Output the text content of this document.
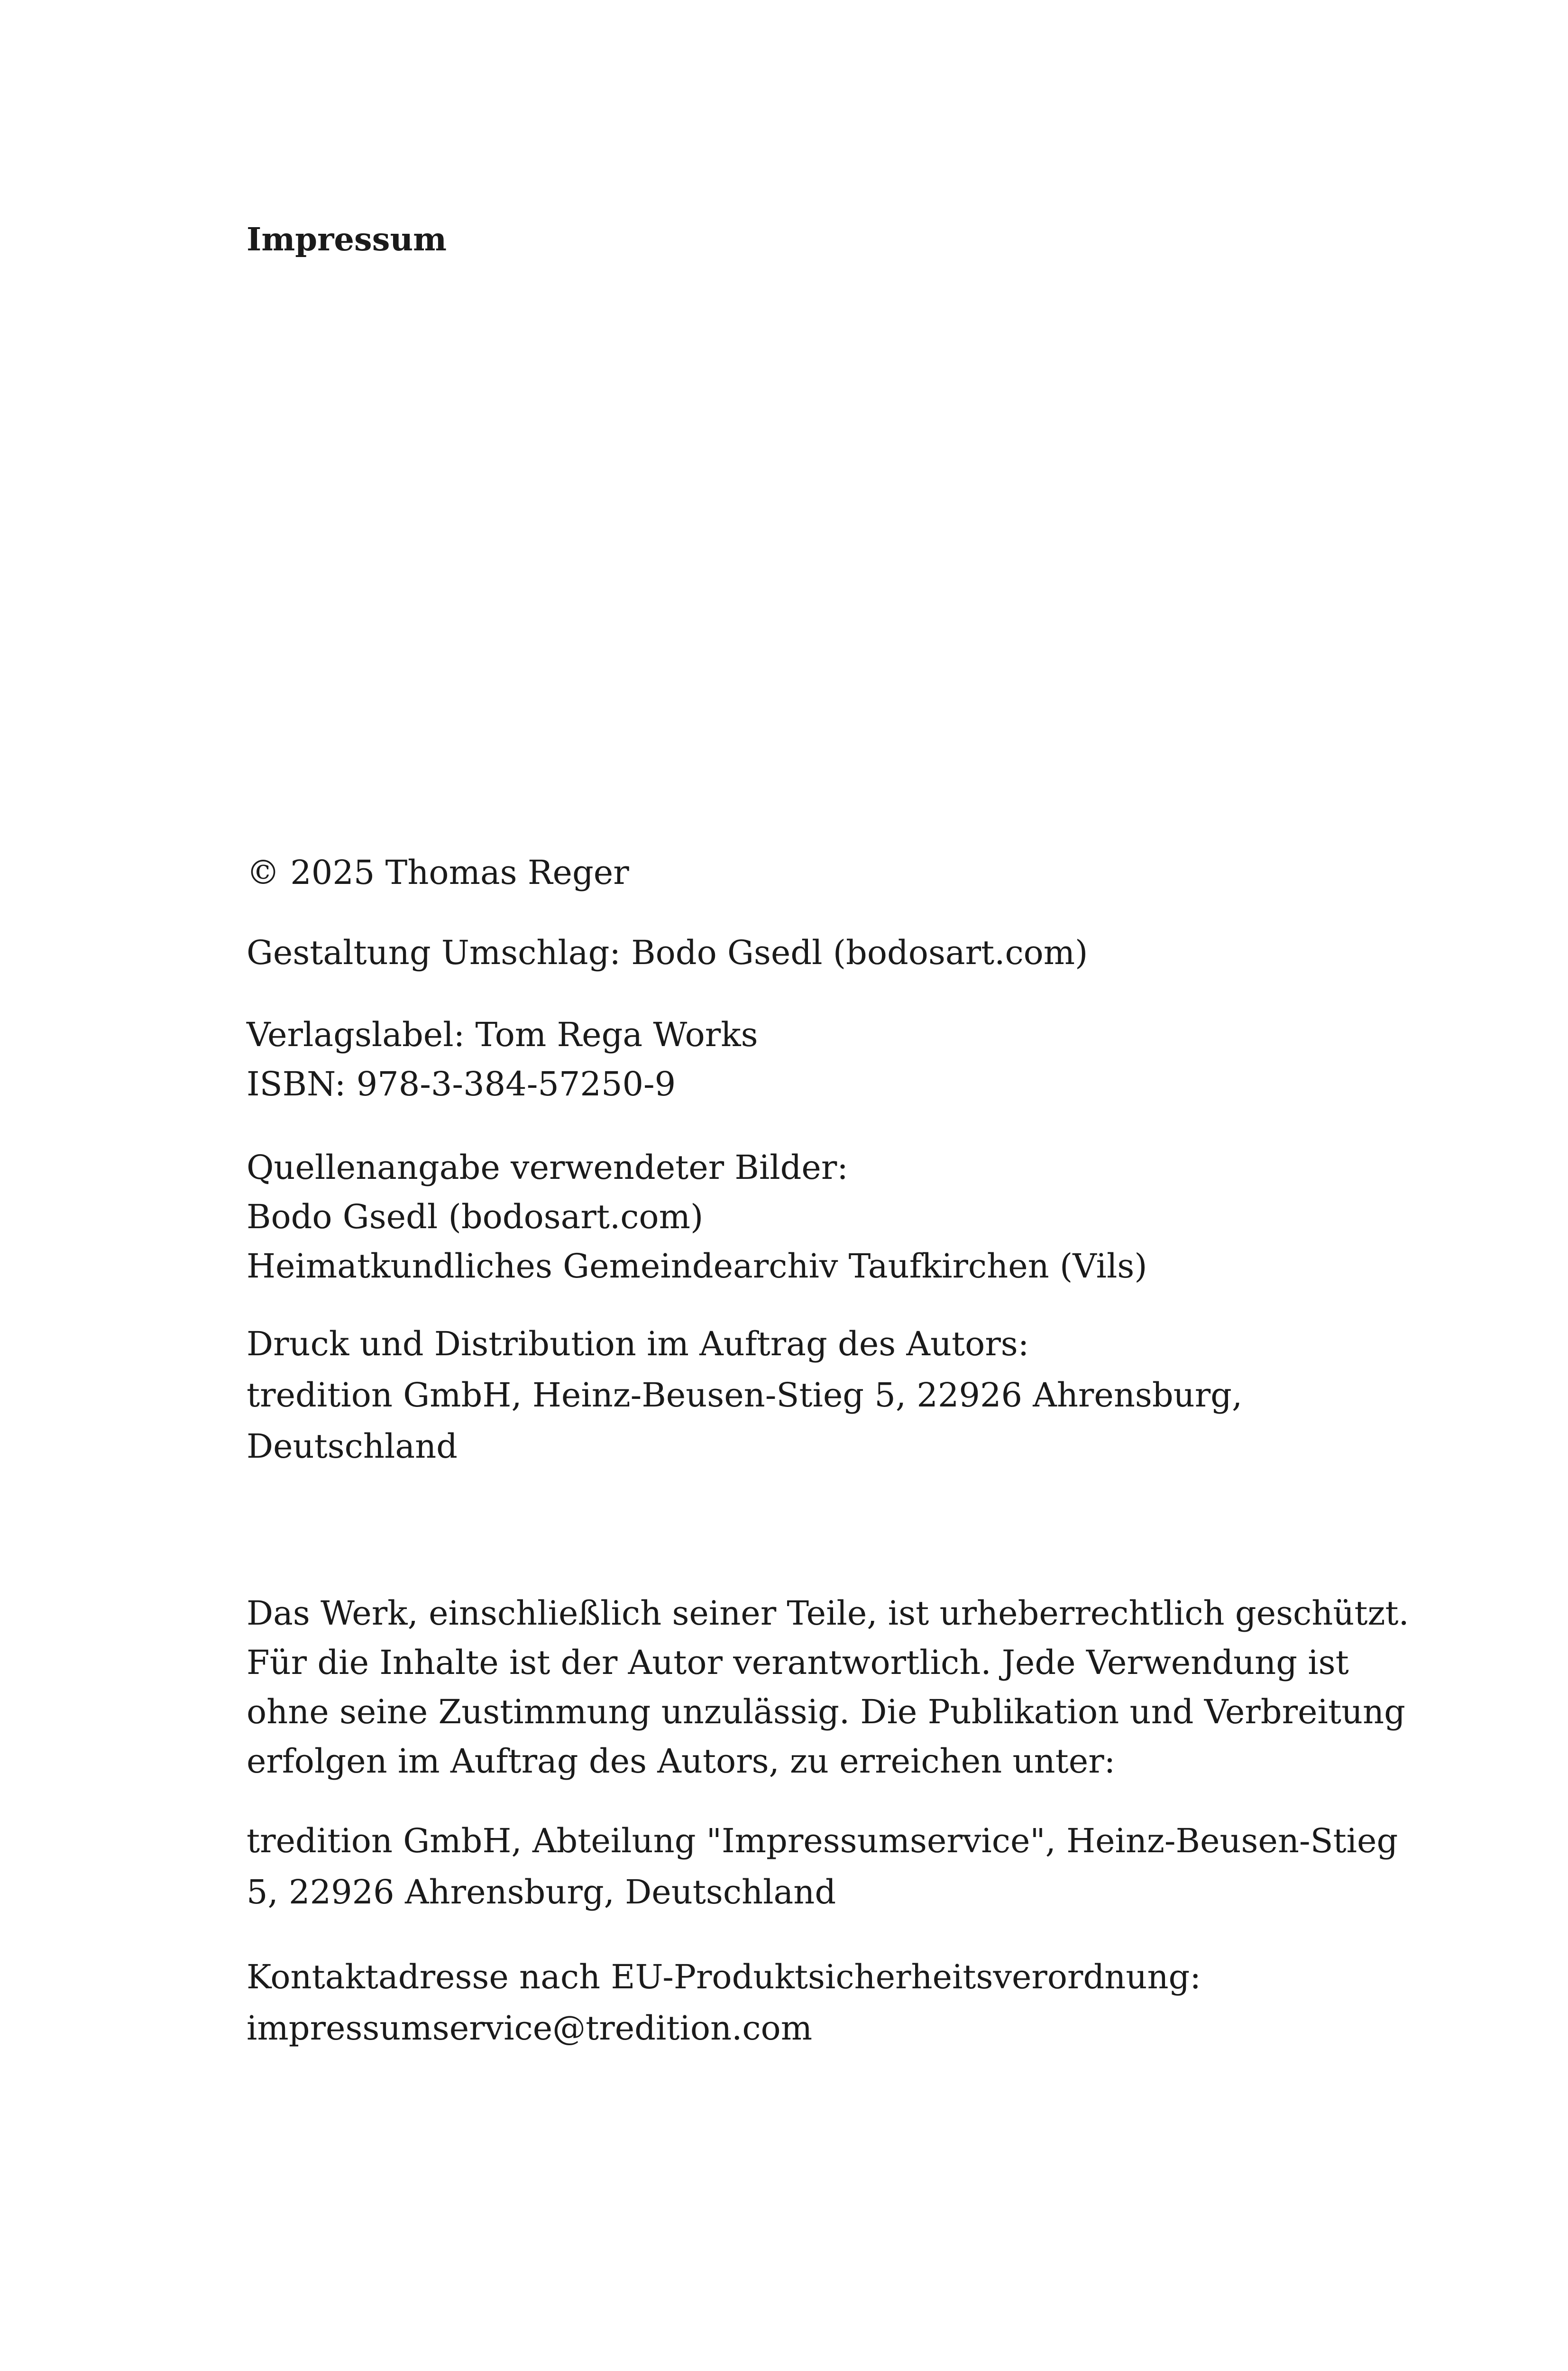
Impressum
© 2025 Thomas Reger
Gestaltung Umschlag: Bodo Gsedl (bodosart.com)
Verlagslabel: Tom Rega Works
ISBN: 978-3-384-57250-9
Quellenangabe verwendeter Bilder:
Bodo Gsedl (bodosart.com)
Heimatkundliches Gemeindearchiv Taufkirchen (Vils)
Druck und Distribution im Auftrag des Autors:
tredition GmbH, Heinz-Beusen-Stieg 5, 22926 Ahrensburg,
Deutschland
Das Werk, einschließlich seiner Teile, ist urheberrechtlich geschützt.
Für die Inhalte ist der Autor verantwortlich. Jede Verwendung ist
ohne seine Zustimmung unzulässig. Die Publikation und Verbreitung
erfolgen im Auftrag des Autors, zu erreichen unter:
tredition GmbH, Abteilung "Impressumservice", Heinz-Beusen-Stieg
5, 22926 Ahrensburg, Deutschland
Kontaktadresse nach EU-Produktsicherheitsverordnung:
impressumservice@tredition.com
